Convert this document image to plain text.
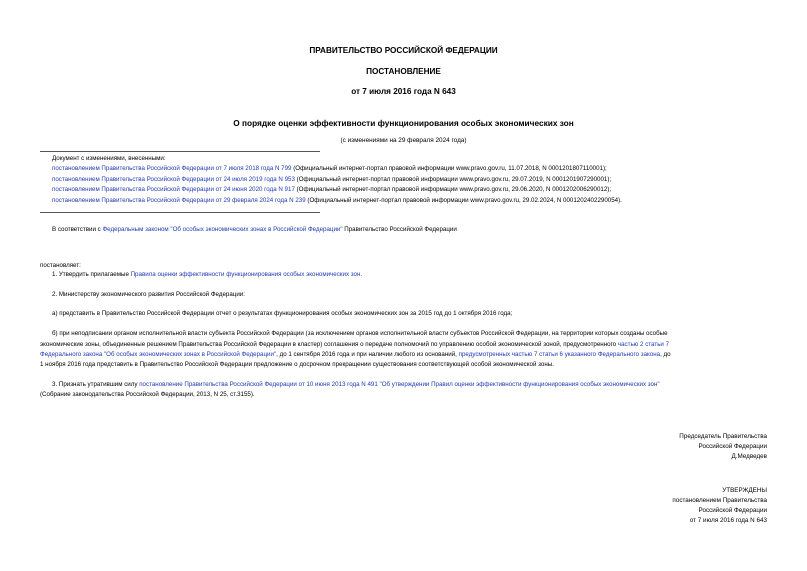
ПРАВИТЕЛЬСТВО РОССИЙСКОЙ ФЕДЕРАЦИИ
ПОСТАНОВЛЕНИЕ
от 7 июля 2016 года N 643
О порядке оценки эффективности функционирования особых экономических зон
(с изменениями на 29 февраля 2024 года)
Документ с изменениями, внесенными:
постановлением Правительства Российской Федерации от 7 июля 2018 года N 799 (Официальный интернет-портал правовой информации www.pravo.gov.ru, 11.07.2018, N 0001201807110001);
постановлением Правительства Российской Федерации от 24 июля 2019 года N 953 (Официальный интернет-портал правовой информации www.pravo.gov.ru, 29.07.2019, N 0001201907290001);
постановлением Правительства Российской Федерации от 24 июня 2020 года N 917 (Официальный интернет-портал правовой информации www.pravo.gov.ru, 29.06.2020, N 0001202006290012);
постановлением Правительства Российской Федерации от 29 февраля 2024 года N 239 (Официальный интернет-портал правовой информации www.pravo.gov.ru, 29.02.2024, N 0001202402290054).
В соответствии с Федеральным законом "Об особых экономических зонах в Российской Федерации" Правительство Российской Федерации
постановляет:
1. Утвердить прилагаемые Правила оценки эффективности функционирования особых экономических зон.
2. Министерству экономического развития Российской Федерации:
а) представить в Правительство Российской Федерации отчет о результатах функционирования особых экономических зон за 2015 год до 1 октября 2016 года;
б) при неподписании органом исполнительной власти субъекта Российской Федерации (за исключением органов исполнительной власти субъектов Российской Федерации, на территории которых созданы особые
экономические зоны, объединенные решением Правительства Российской Федерации в кластер) соглашения о передаче полномочий по управлению особой экономической зоной, предусмотренного частью 2 статьи 7
Федерального закона "Об особых экономических зонах в Российской Федерации", до 1 сентября 2016 года и при наличии любого из оснований, предусмотренных частью 7 статьи 6 указанного Федерального закона, до
1 ноября 2016 года представить в Правительство Российской Федерации предложение о досрочном прекращении существования соответствующей особой экономической зоны.
3. Признать утратившим силу постановление Правительства Российской Федерации от 10 июня 2013 года N 491 "Об утверждении Правил оценки эффективности функционирования особых экономических зон"
(Собрание законодательства Российской Федерации, 2013, N 25, ст.3155).
Председатель Правительства
Российской Федерации
Д.Медведев
УТВЕРЖДЕНЫ
постановлением Правительства
Российской Федерации
от 7 июля 2016 года N 643
